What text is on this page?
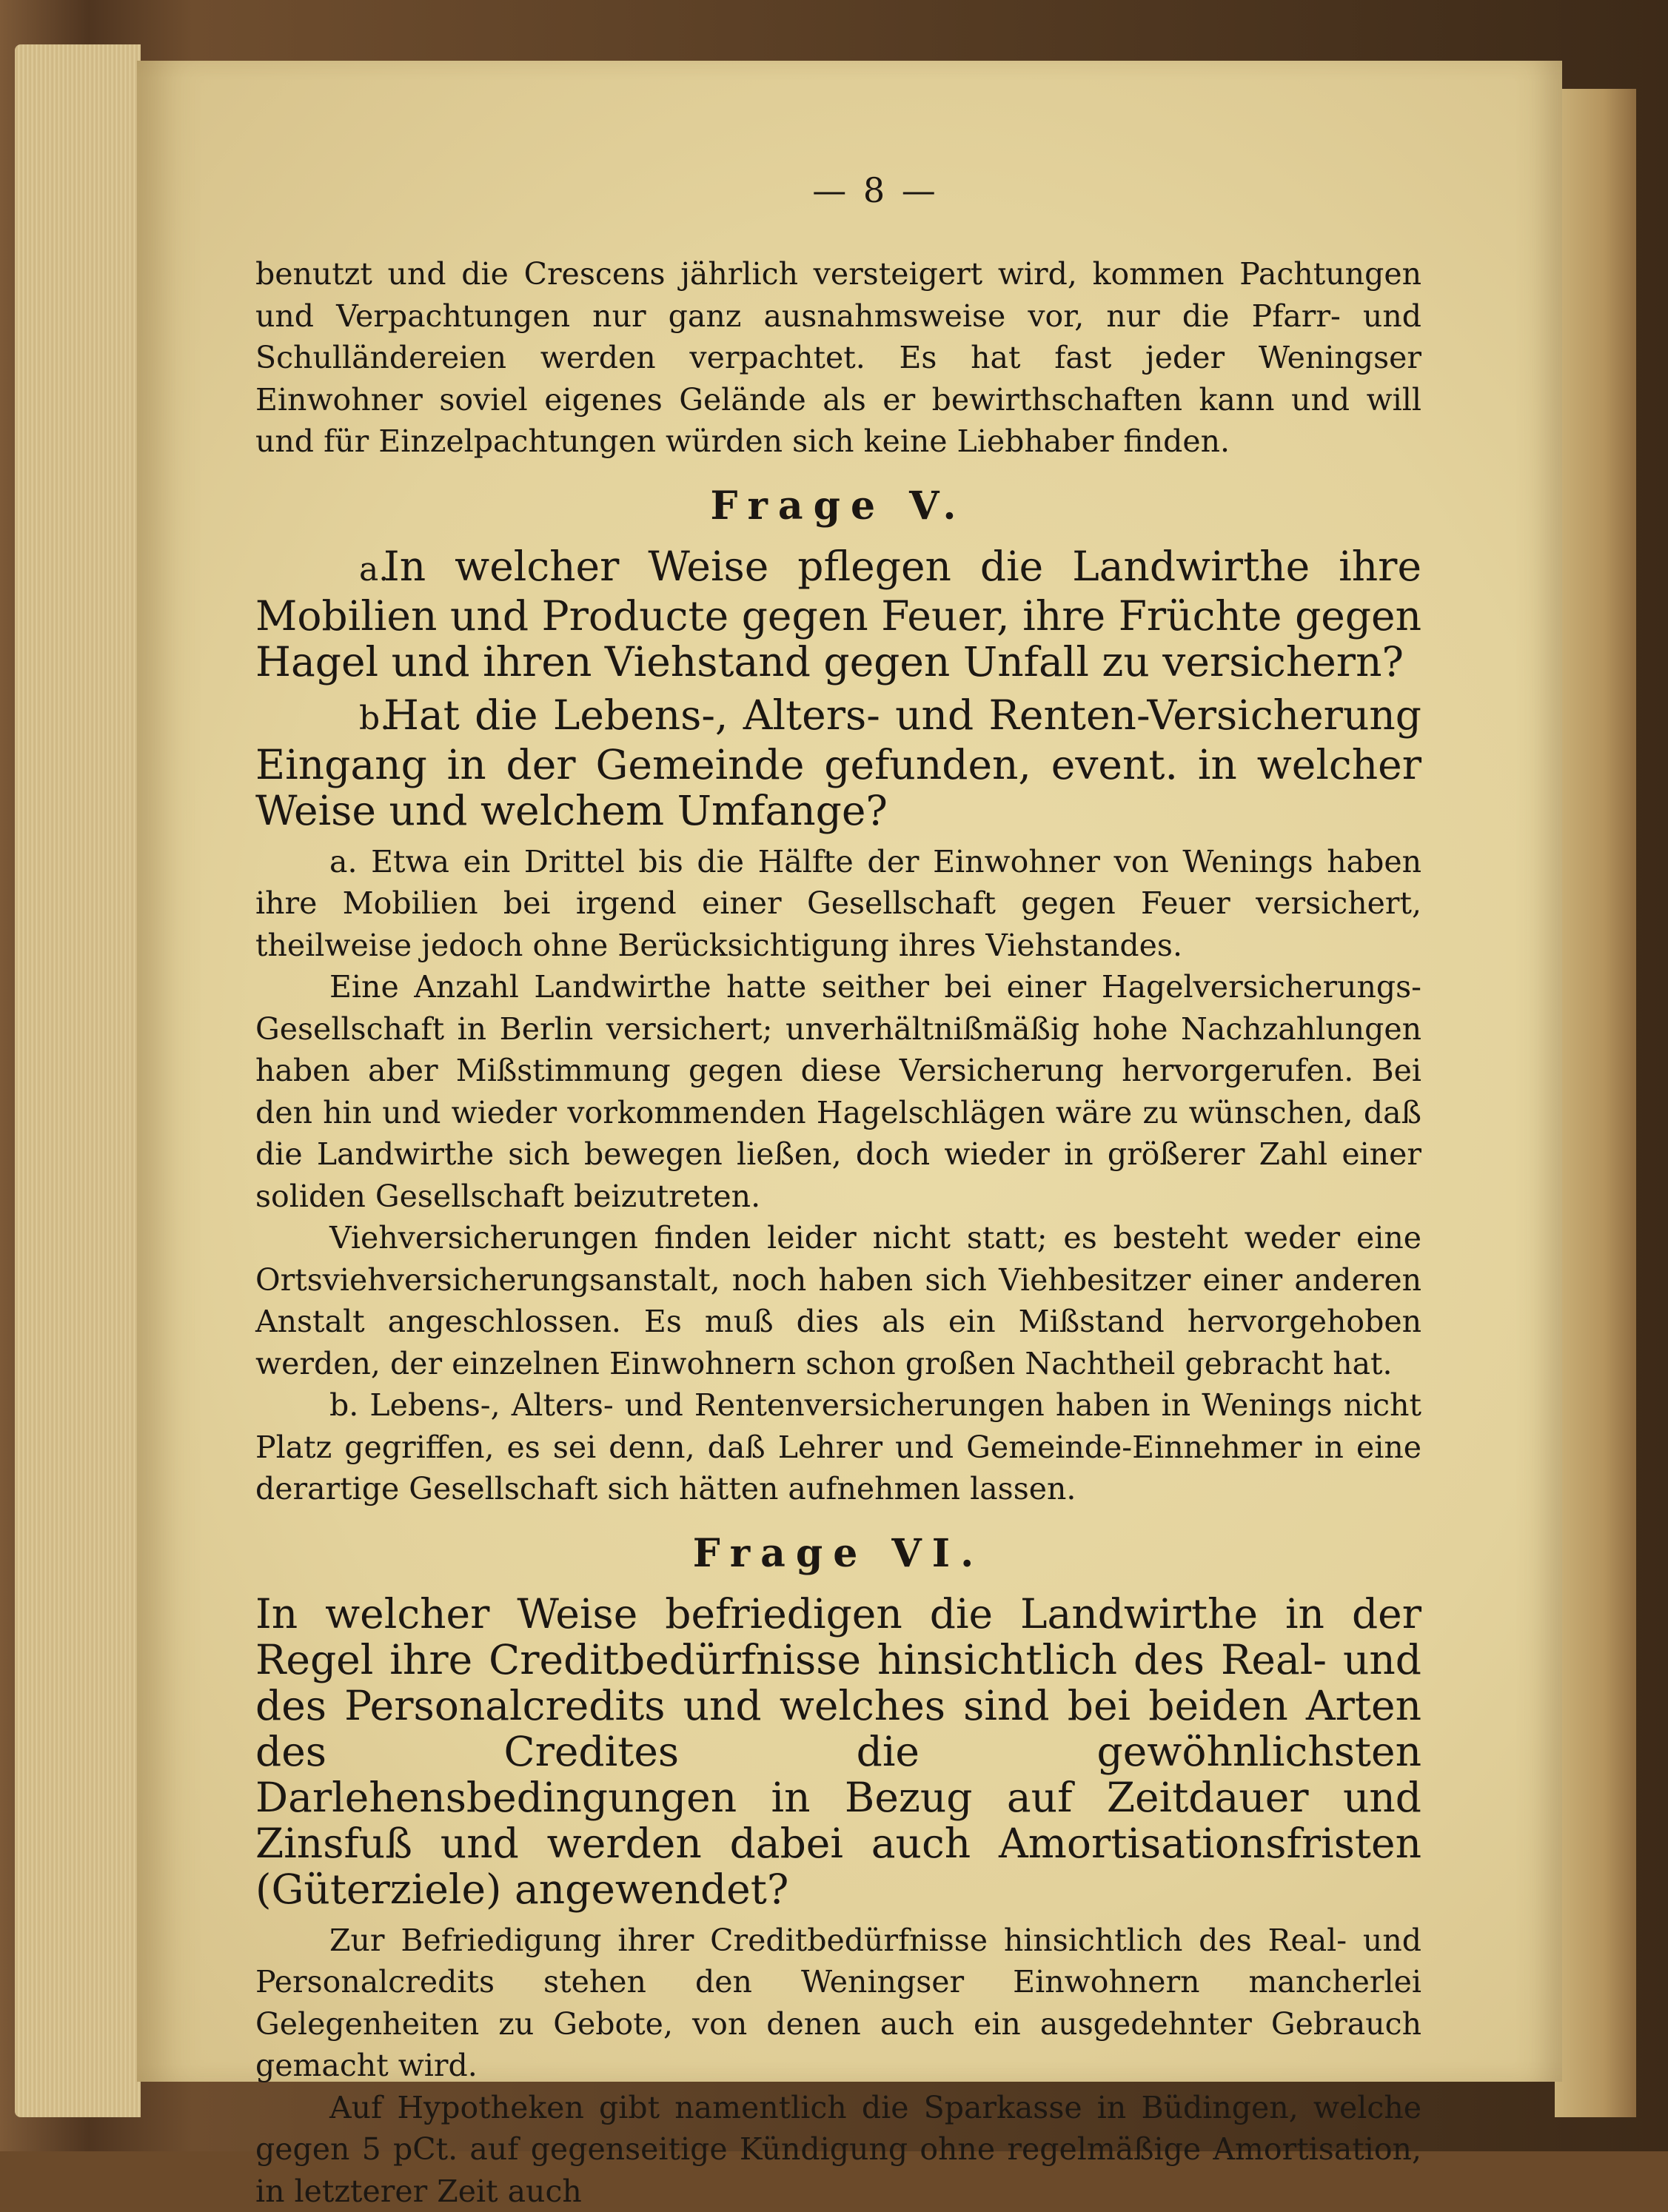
— 8 —

benutzt und die Crescens jährlich versteigert wird, kommen Pachtungen und Verpachtungen nur ganz ausnahmsweise vor, nur die Pfarr- und Schulländereien werden verpachtet. Es hat fast jeder Weningser Einwohner soviel eigenes Gelände als er bewirthschaften kann und will und für Einzelpachtungen würden sich keine Liebhaber finden.

Frage V.
a.In welcher Weise pflegen die Landwirthe ihre Mobilien und Producte gegen Feuer, ihre Früchte gegen Hagel und ihren Viehstand gegen Unfall zu versichern?
b.Hat die Lebens-, Alters- und Renten-Versicherung Eingang in der Gemeinde gefunden, event. in welcher Weise und welchem Umfange?

a. Etwa ein Drittel bis die Hälfte der Einwohner von Wenings haben ihre Mobilien bei irgend einer Gesellschaft gegen Feuer versichert, theilweise jedoch ohne Berücksichtigung ihres Viehstandes.

Eine Anzahl Landwirthe hatte seither bei einer Hagelversicherungs-Gesellschaft in Berlin versichert; unverhältnißmäßig hohe Nachzahlungen haben aber Mißstimmung gegen diese Versicherung hervorgerufen. Bei den hin und wieder vorkommenden Hagelschlägen wäre zu wünschen, daß die Landwirthe sich bewegen ließen, doch wieder in größerer Zahl einer soliden Gesellschaft beizutreten.

Viehversicherungen finden leider nicht statt; es besteht weder eine Ortsviehversicherungsanstalt, noch haben sich Viehbesitzer einer anderen Anstalt angeschlossen. Es muß dies als ein Mißstand hervorgehoben werden, der einzelnen Einwohnern schon großen Nachtheil gebracht hat.

b. Lebens-, Alters- und Rentenversicherungen haben in Wenings nicht Platz gegriffen, es sei denn, daß Lehrer und Gemeinde-Einnehmer in eine derartige Gesellschaft sich hätten aufnehmen lassen.

Frage VI.
In welcher Weise befriedigen die Landwirthe in der Regel ihre Creditbedürfnisse hinsichtlich des Real- und des Personalcredits und welches sind bei beiden Arten des Credites die gewöhnlichsten Darlehensbedingungen in Bezug auf Zeitdauer und Zinsfuß und werden dabei auch Amortisationsfristen (Güterziele) angewendet?

Zur Befriedigung ihrer Creditbedürfnisse hinsichtlich des Real- und Personalcredits stehen den Weningser Einwohnern mancherlei Gelegenheiten zu Gebote, von denen auch ein ausgedehnter Gebrauch gemacht wird.

Auf Hypotheken gibt namentlich die Sparkasse in Büdingen, welche gegen 5 pCt. auf gegenseitige Kündigung ohne regelmäßige Amortisation, in letzterer Zeit auch
